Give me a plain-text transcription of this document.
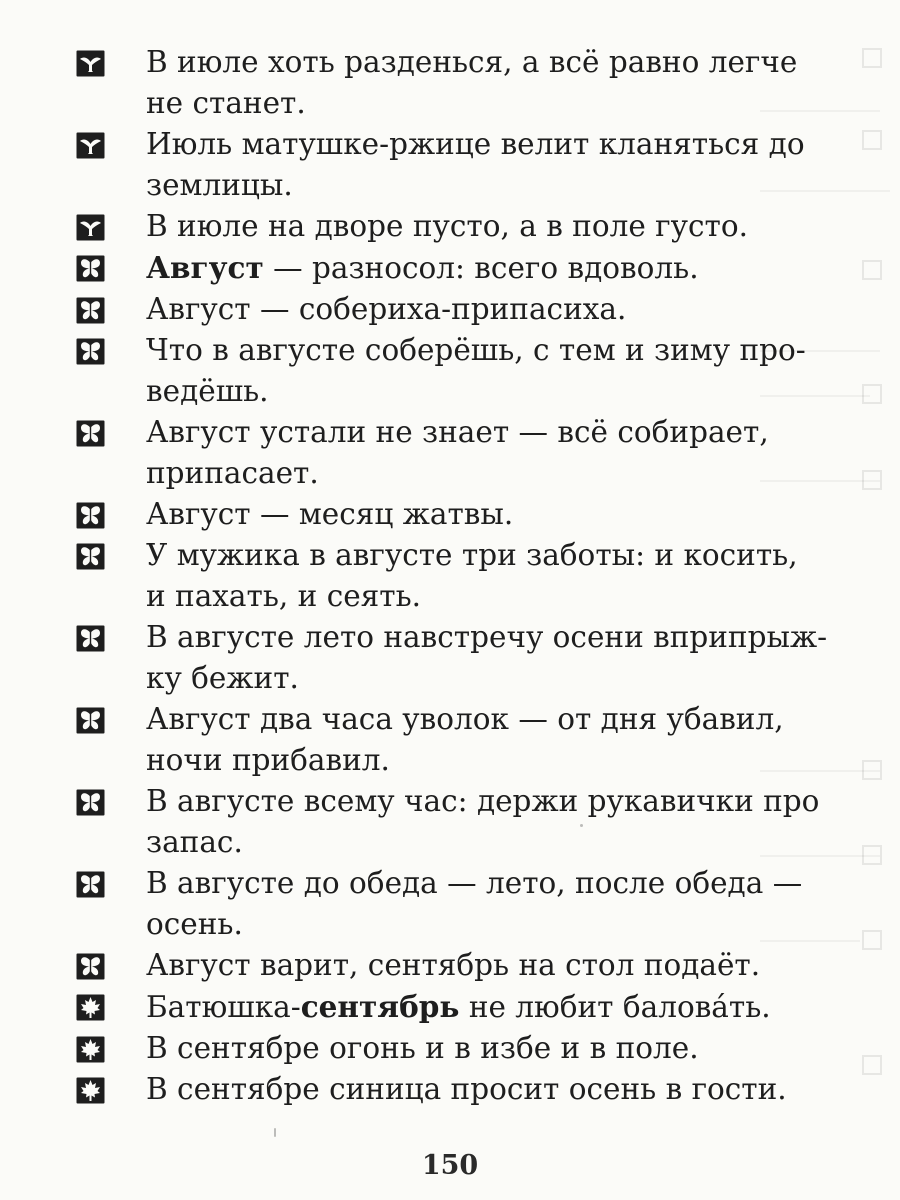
В июле хоть разденься, а всё равно легче
не станет.
Июль матушке-ржице велит кланяться до
землицы.
В июле на дворе пусто, а в поле густо.
Август — разносол: всего вдоволь.
Август — собериха-припасиха.
Что в августе соберёшь, с тем и зиму про-
ведёшь.
Август устали не знает — всё собирает,
припасает.
Август — месяц жатвы.
У мужика в августе три заботы: и косить,
и пахать, и сеять.
В августе лето навстречу осени вприпрыж-
ку бежит.
Август два часа уволок — от дня убавил,
ночи прибавил.
В августе всему час: держи рукавички про
запас.
В августе до обеда — лето, после обеда —
осень.
Август варит, сентябрь на стол подаёт.
Батюшка-сентябрь не любит балова́ть.
В сентябре огонь и в избе и в поле.
В сентябре синица просит осень в гости.
150
